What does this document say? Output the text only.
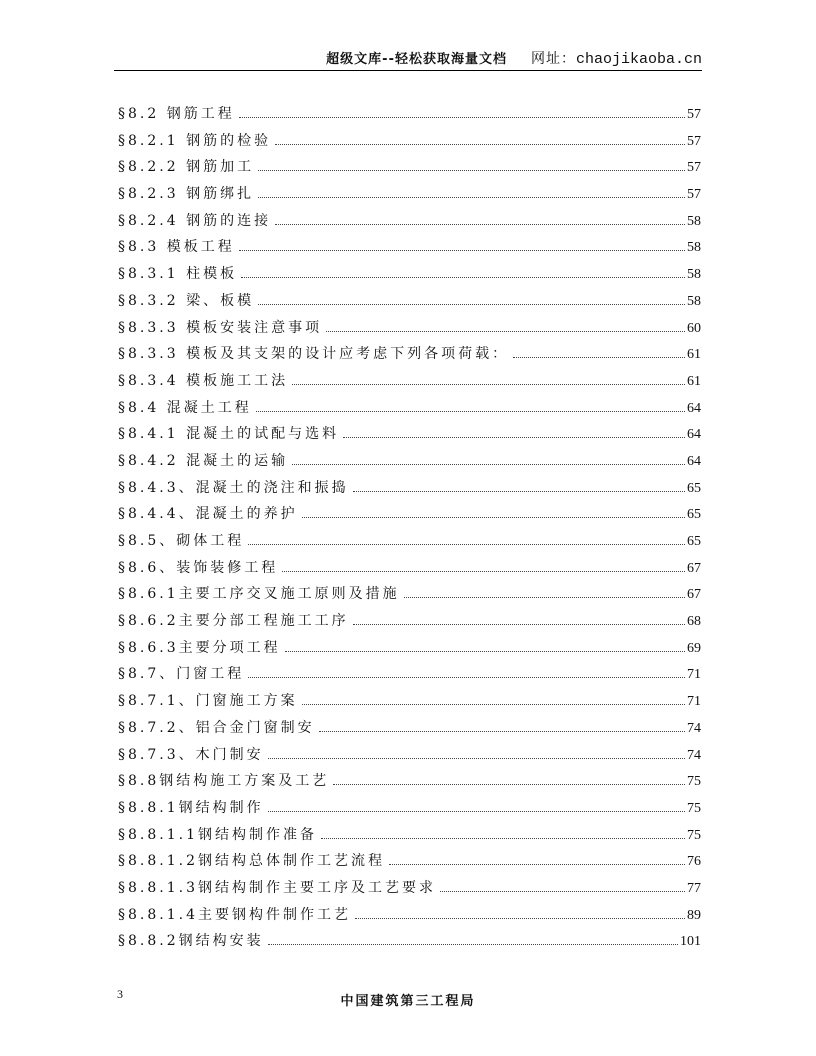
超级文库--轻松获取海量文档 网址：chaojikaoba.cn
§8.2 钢筋工程	57
§8.2.1 钢筋的检验	57
§8.2.2 钢筋加工	57
§8.2.3 钢筋绑扎	57
§8.2.4 钢筋的连接	58
§8.3 模板工程	58
§8.3.1 柱模板	58
§8.3.2 梁、板模	58
§8.3.3 模板安装注意事项	60
§8.3.3 模板及其支架的设计应考虑下列各项荷载：	61
§8.3.4 模板施工工法	61
§8.4 混凝土工程	64
§8.4.1 混凝土的试配与选料	64
§8.4.2 混凝土的运输	64
§8.4.3、混凝土的浇注和振捣	65
§8.4.4、混凝土的养护	65
§8.5、砌体工程	65
§8.6、装饰装修工程	67
§8.6.1主要工序交叉施工原则及措施	67
§8.6.2主要分部工程施工工序	68
§8.6.3主要分项工程	69
§8.7、门窗工程	71
§8.7.1、门窗施工方案	71
§8.7.2、铝合金门窗制安	74
§8.7.3、木门制安	74
§8.8钢结构施工方案及工艺	75
§8.8.1钢结构制作	75
§8.8.1.1钢结构制作准备	75
§8.8.1.2钢结构总体制作工艺流程	76
§8.8.1.3钢结构制作主要工序及工艺要求	77
§8.8.1.4主要钢构件制作工艺	89
§8.8.2钢结构安装	101
3	中国建筑第三工程局
